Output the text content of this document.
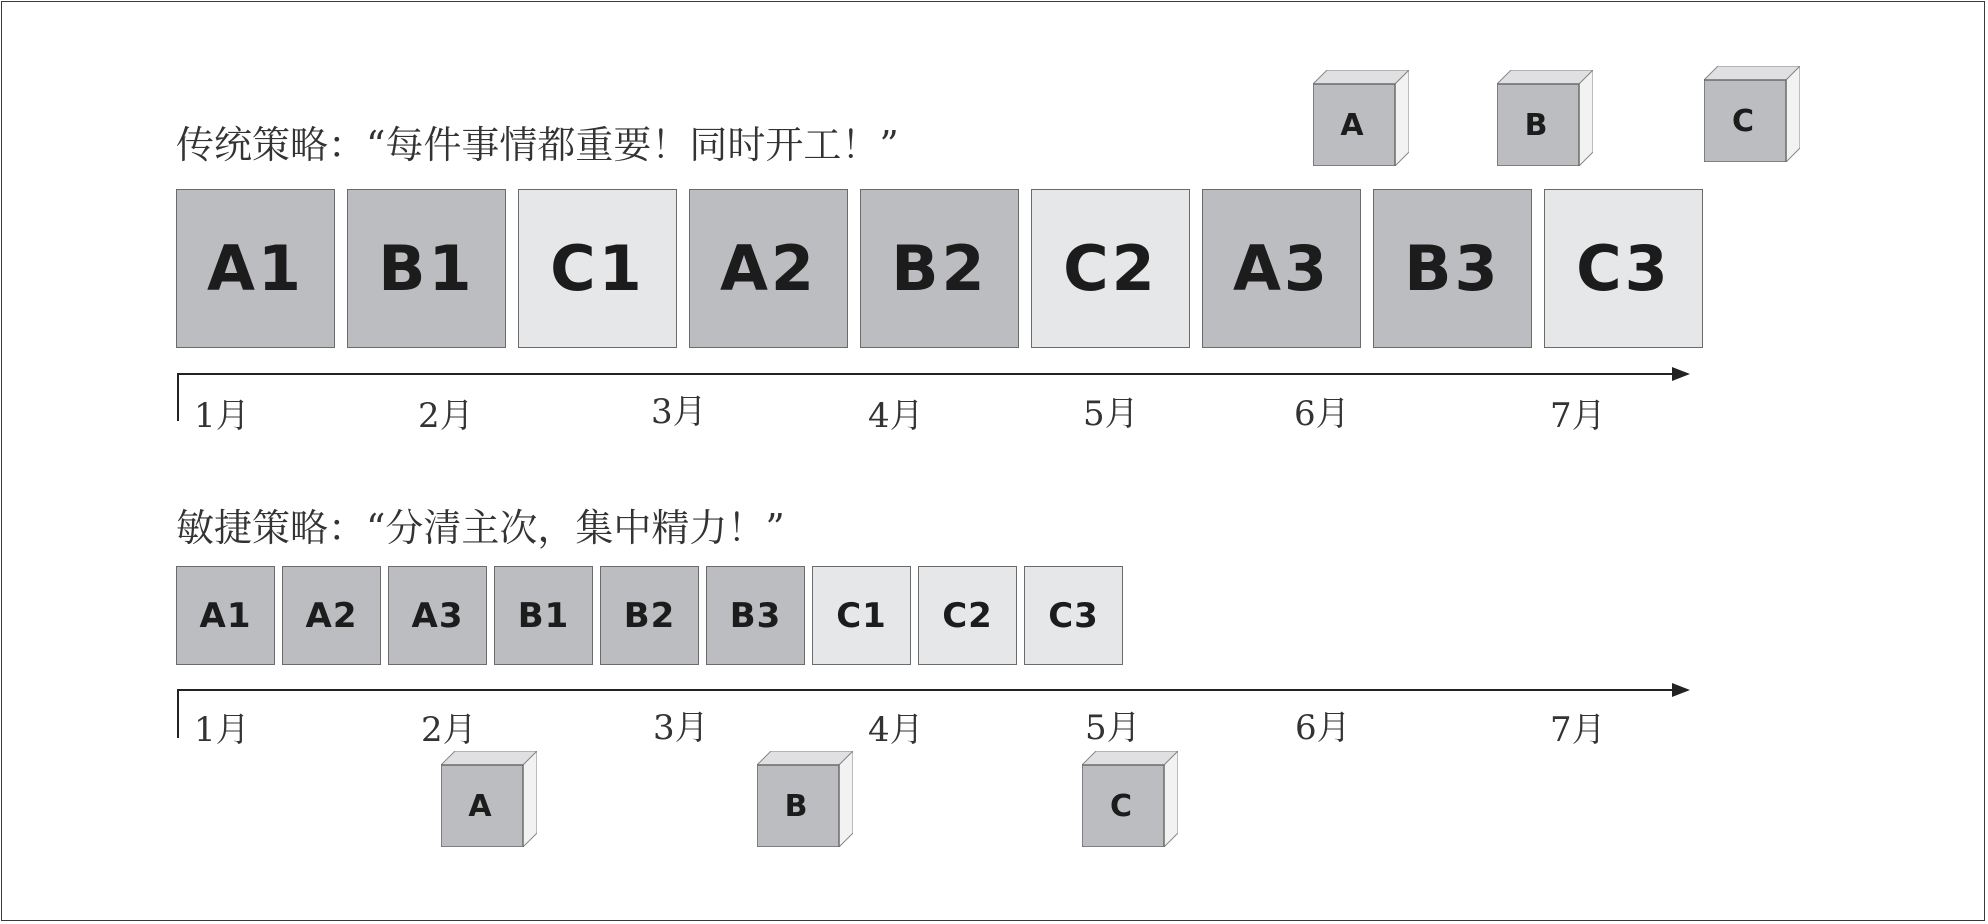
传统策略：“每件事情都重要！同时开工！”
A1	B1	C1	A2	B2	C2	A3	B3	C3
1月	2月	3月	4月	5月	6月	7月
A	B	C
敏捷策略：“分清主次，集中精力！”
A1	A2	A3	B1	B2	B3	C1	C2	C3
1月	2月	3月	4月	5月	6月	7月
A	B	C
